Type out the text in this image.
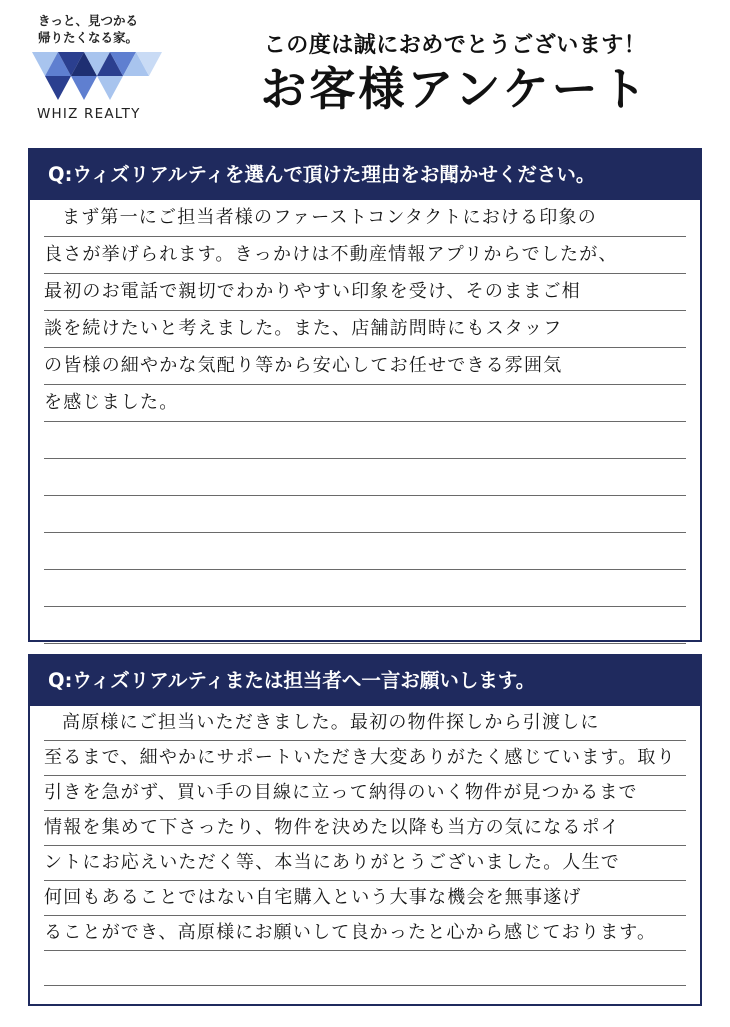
きっと、見つかる
帰りたくなる家。
WHIZ REALTY
この度は誠におめでとうございます！
お客様アンケート
Q:ウィズリアルティを選んで頂けた理由をお聞かせください。
まず第一にご担当者様のファーストコンタクトにおける印象の
良さが挙げられます。きっかけは不動産情報アプリからでしたが、
最初のお電話で親切でわかりやすい印象を受け、そのままご相
談を続けたいと考えました。また、店舗訪問時にもスタッフ
の皆様の細やかな気配り等から安心してお任せできる雰囲気
を感じました。
Q:ウィズリアルティまたは担当者へ一言お願いします。
高原様にご担当いただきました。最初の物件探しから引渡しに
至るまで、細やかにサポートいただき大変ありがたく感じています。取り
引きを急がず、買い手の目線に立って納得のいく物件が見つかるまで
情報を集めて下さったり、物件を決めた以降も当方の気になるポイ
ントにお応えいただく等、本当にありがとうございました。人生で
何回もあることではない自宅購入という大事な機会を無事遂げ
ることができ、高原様にお願いして良かったと心から感じております。
